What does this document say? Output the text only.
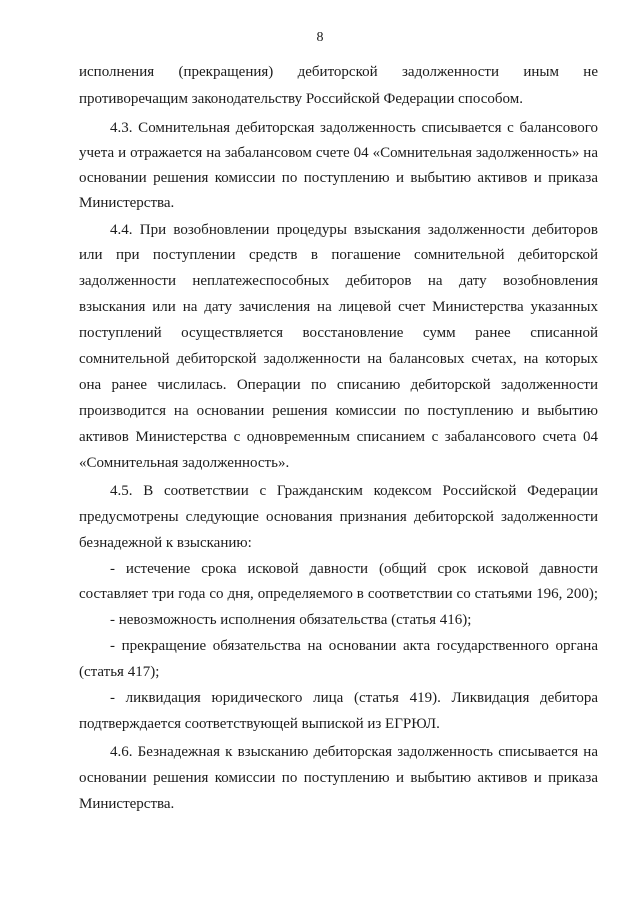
8
исполнения (прекращения) дебиторской задолженности иным не
противоречащим законодательству Российской Федерации способом.
4.3. Сомнительная дебиторская задолженность списывается с балансового
учета и отражается на забалансовом счете 04 «Сомнительная задолженность» на
основании решения комиссии по поступлению и выбытию активов и приказа
Министерства.
4.4. При возобновлении процедуры взыскания задолженности дебиторов
или при поступлении средств в погашение сомнительной дебиторской
задолженности неплатежеспособных дебиторов на дату возобновления
взыскания или на дату зачисления на лицевой счет Министерства указанных
поступлений осуществляется восстановление сумм ранее списанной
сомнительной дебиторской задолженности на балансовых счетах, на которых
она ранее числилась. Операции по списанию дебиторской задолженности
производится на основании решения комиссии по поступлению и выбытию
активов Министерства с одновременным списанием с забалансового счета 04
«Сомнительная задолженность».
4.5. В соответствии с Гражданским кодексом Российской Федерации
предусмотрены следующие основания признания дебиторской задолженности
безнадежной к взысканию:
- истечение срока исковой давности (общий срок исковой давности
составляет три года со дня, определяемого в соответствии со статьями 196, 200);
- невозможность исполнения обязательства (статья 416);
- прекращение обязательства на основании акта государственного органа
(статья 417);
- ликвидация юридического лица (статья 419). Ликвидация дебитора
подтверждается соответствующей выпиской из ЕГРЮЛ.
4.6. Безнадежная к взысканию дебиторская задолженность списывается на
основании решения комиссии по поступлению и выбытию активов и приказа
Министерства.
